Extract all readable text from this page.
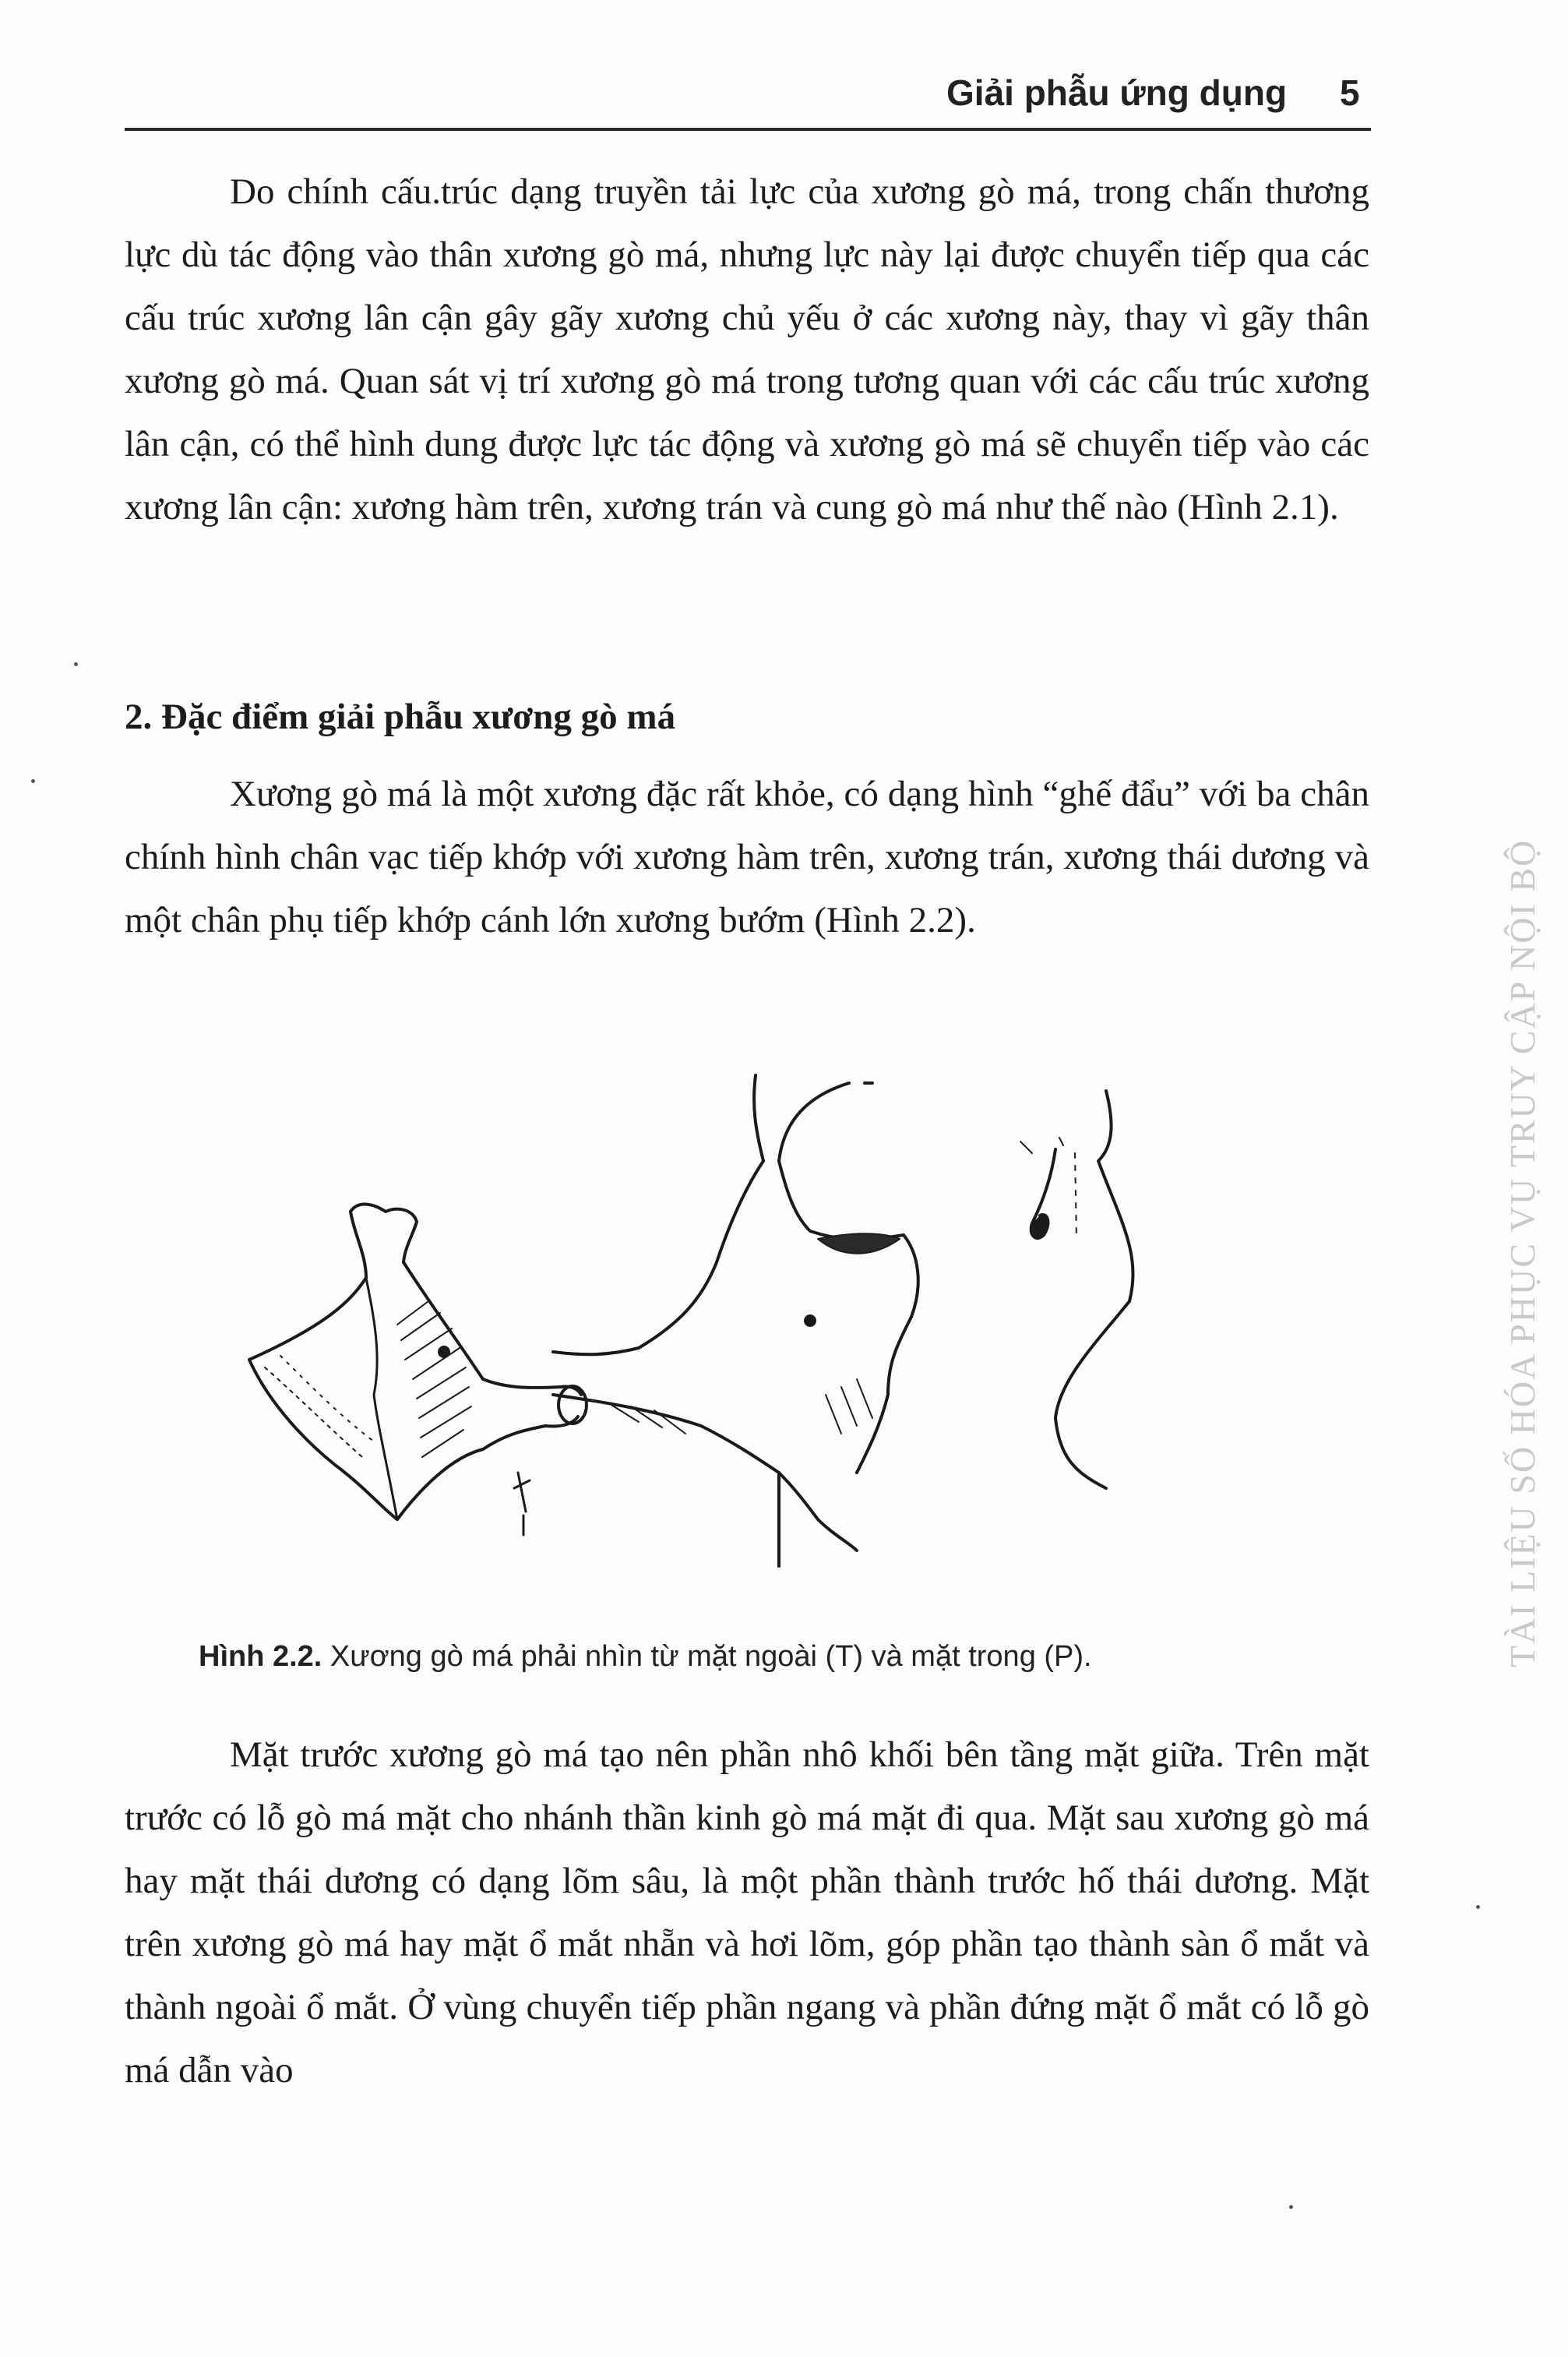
Giải phẫu ứng dụng 5

Do chính cấu.trúc dạng truyền tải lực của xương gò má, trong chấn thương lực dù tác động vào thân xương gò má, nhưng lực này lại được chuyển tiếp qua các cấu trúc xương lân cận gây gãy xương chủ yếu ở các xương này, thay vì gãy thân xương gò má. Quan sát vị trí xương gò má trong tương quan với các cấu trúc xương lân cận, có thể hình dung được lực tác động và xương gò má sẽ chuyển tiếp vào các xương lân cận: xương hàm trên, xương trán và cung gò má như thế nào (Hình 2.1).

2. Đặc điểm giải phẫu xương gò má

Xương gò má là một xương đặc rất khỏe, có dạng hình “ghế đẩu” với ba chân chính hình chân vạc tiếp khớp với xương hàm trên, xương trán, xương thái dương và một chân phụ tiếp khớp cánh lớn xương bướm (Hình 2.2).

Hình 2.2. Xương gò má phải nhìn từ mặt ngoài (T) và mặt trong (P).

Mặt trước xương gò má tạo nên phần nhô khối bên tầng mặt giữa. Trên mặt trước có lỗ gò má mặt cho nhánh thần kinh gò má mặt đi qua. Mặt sau xương gò má hay mặt thái dương có dạng lõm sâu, là một phần thành trước hố thái dương. Mặt trên xương gò má hay mặt ổ mắt nhẵn và hơi lõm, góp phần tạo thành sàn ổ mắt và thành ngoài ổ mắt. Ở vùng chuyển tiếp phần ngang và phần đứng mặt ổ mắt có lỗ gò má dẫn vào

TÀI LIỆU SỐ HÓA PHỤC VỤ TRUY CẬP NỘI BỘ
